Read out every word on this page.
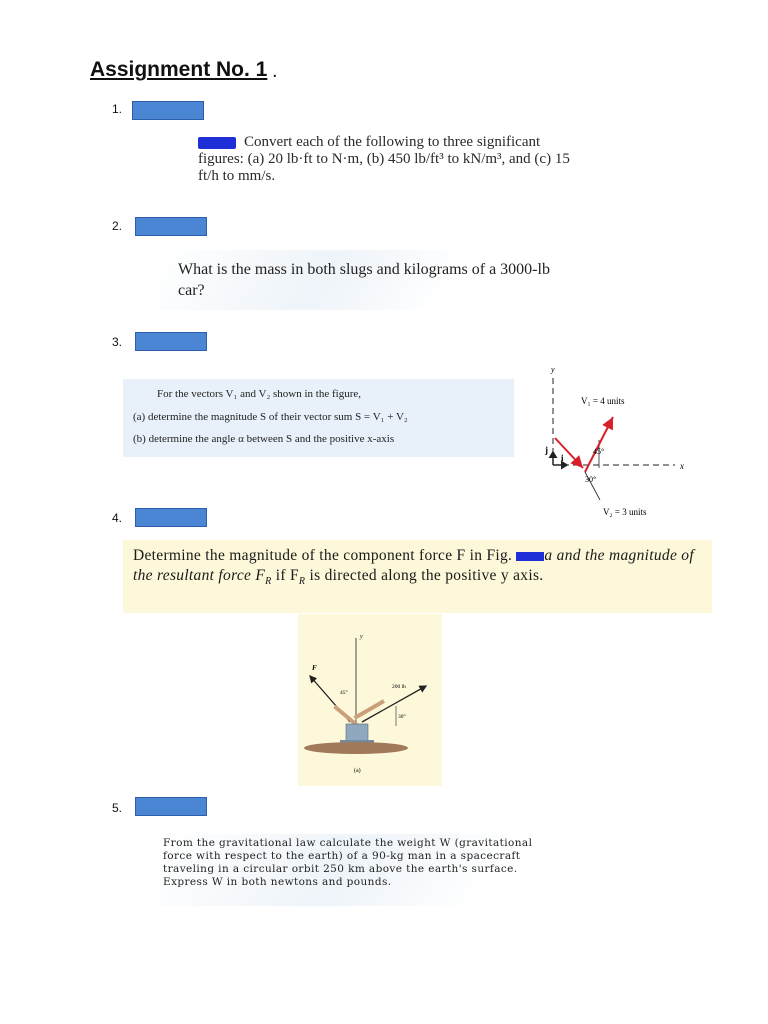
Assignment No. 1 .
1.
Convert each of the following to three significant figures: (a) 20 lb·ft to N·m, (b) 450 lb/ft³ to kN/m³, and (c) 15 ft/h to mm/s.
2.
What is the mass in both slugs and kilograms of a 3000-lb car?
3.
For the vectors V₁ and V₂ shown in the figure,
(a) determine the magnitude S of their vector sum S = V₁ + V₂
(b) determine the angle α between S and the positive x-axis
y
x
j
i
V₁ = 4 units
V₂ = 3 units
45°
30°
4.
Determine the magnitude of the component force F in Fig. a and the magnitude of the resultant force $F_R$ if $F_R$ is directed along the positive y axis.
y
F
200 lb
45°
30°
(a)
5.
From the gravitational law calculate the weight W (gravitational force with respect to the earth) of a 90-kg man in a spacecraft traveling in a circular orbit 250 km above the earth's surface. Express W in both newtons and pounds.
